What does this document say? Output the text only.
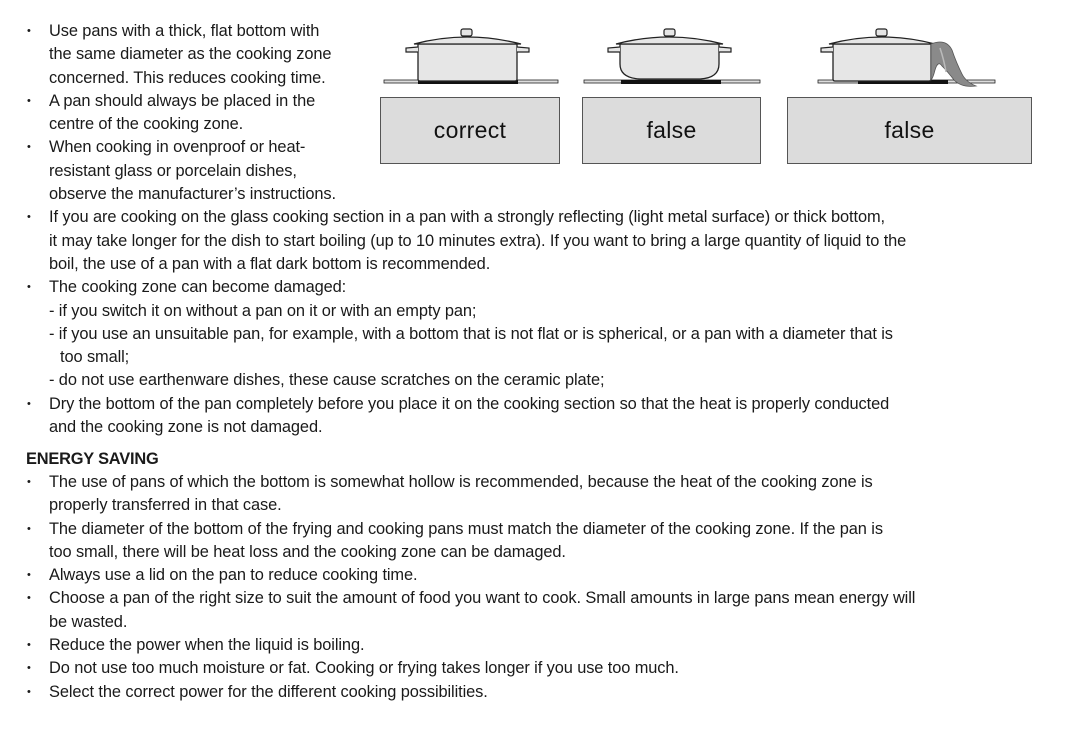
correct	false	false
• Use pans with a thick, flat bottom with
the same diameter as the cooking zone
concerned. This reduces cooking time.
• A pan should always be placed in the
centre of the cooking zone.
• When cooking in ovenproof or heat-
resistant glass or porcelain dishes,
observe the manufacturer’s instructions.
• If you are cooking on the glass cooking section in a pan with a strongly reflecting (light metal surface) or thick bottom,
it may take longer for the dish to start boiling (up to 10 minutes extra). If you want to bring a large quantity of liquid to the
boil, the use of a pan with a flat dark bottom is recommended.
• The cooking zone can become damaged:
- if you switch it on without a pan on it or with an empty pan;
- if you use an unsuitable pan, for example, with a bottom that is not flat or is spherical, or a pan with a diameter that is
too small;
- do not use earthenware dishes, these cause scratches on the ceramic plate;
• Dry the bottom of the pan completely before you place it on the cooking section so that the heat is properly conducted
and the cooking zone is not damaged.
ENERGY SAVING
• The use of pans of which the bottom is somewhat hollow is recommended, because the heat of the cooking zone is
properly transferred in that case.
• The diameter of the bottom of the frying and cooking pans must match the diameter of the cooking zone. If the pan is
too small, there will be heat loss and the cooking zone can be damaged.
• Always use a lid on the pan to reduce cooking time.
• Choose a pan of the right size to suit the amount of food you want to cook. Small amounts in large pans mean energy will
be wasted.
• Reduce the power when the liquid is boiling.
• Do not use too much moisture or fat. Cooking or frying takes longer if you use too much.
• Select the correct power for the different cooking possibilities.
